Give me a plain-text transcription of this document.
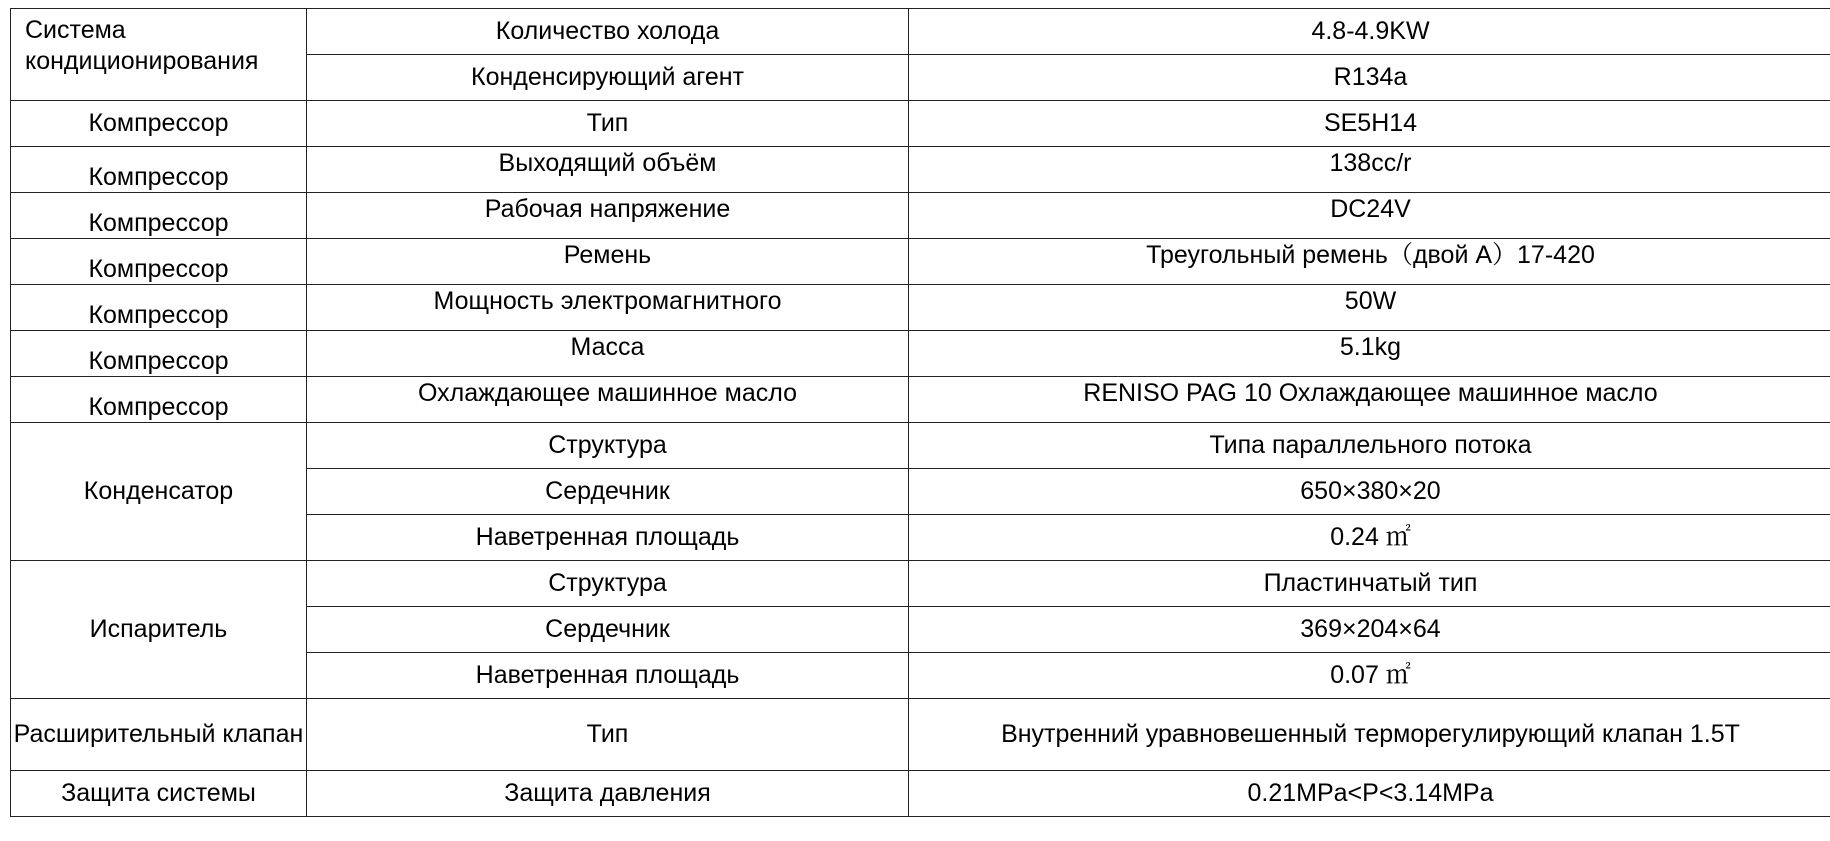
Система кондиционирования	Количество холода	4.8-4.9KW
	Конденсирующий агент	R134a
Компрессор	Тип	SE5H14
Компрессор	Выходящий объём	138cc/r
Компрессор	Рабочая напряжение	DC24V
Компрессор	Ремень	Треугольный ремень（двой А）17-420
Компрессор	Мощность электромагнитного	50W
Компрессор	Масса	5.1kg
Компрессор	Охлаждающее машинное масло	RENISO PAG 10 Охлаждающее машинное масло
Конденсатор	Структура	Типа параллельного потока
	Сердечник	650×380×20
	Наветренная площадь	0.24 ㎡
Испаритель	Структура	Пластинчатый тип
	Сердечник	369×204×64
	Наветренная площадь	0.07 ㎡
Расширительный клапан	Тип	Внутренний уравновешенный терморегулирующий клапан 1.5T
Защита системы	Защита давления	0.21MPa<P<3.14MPa
